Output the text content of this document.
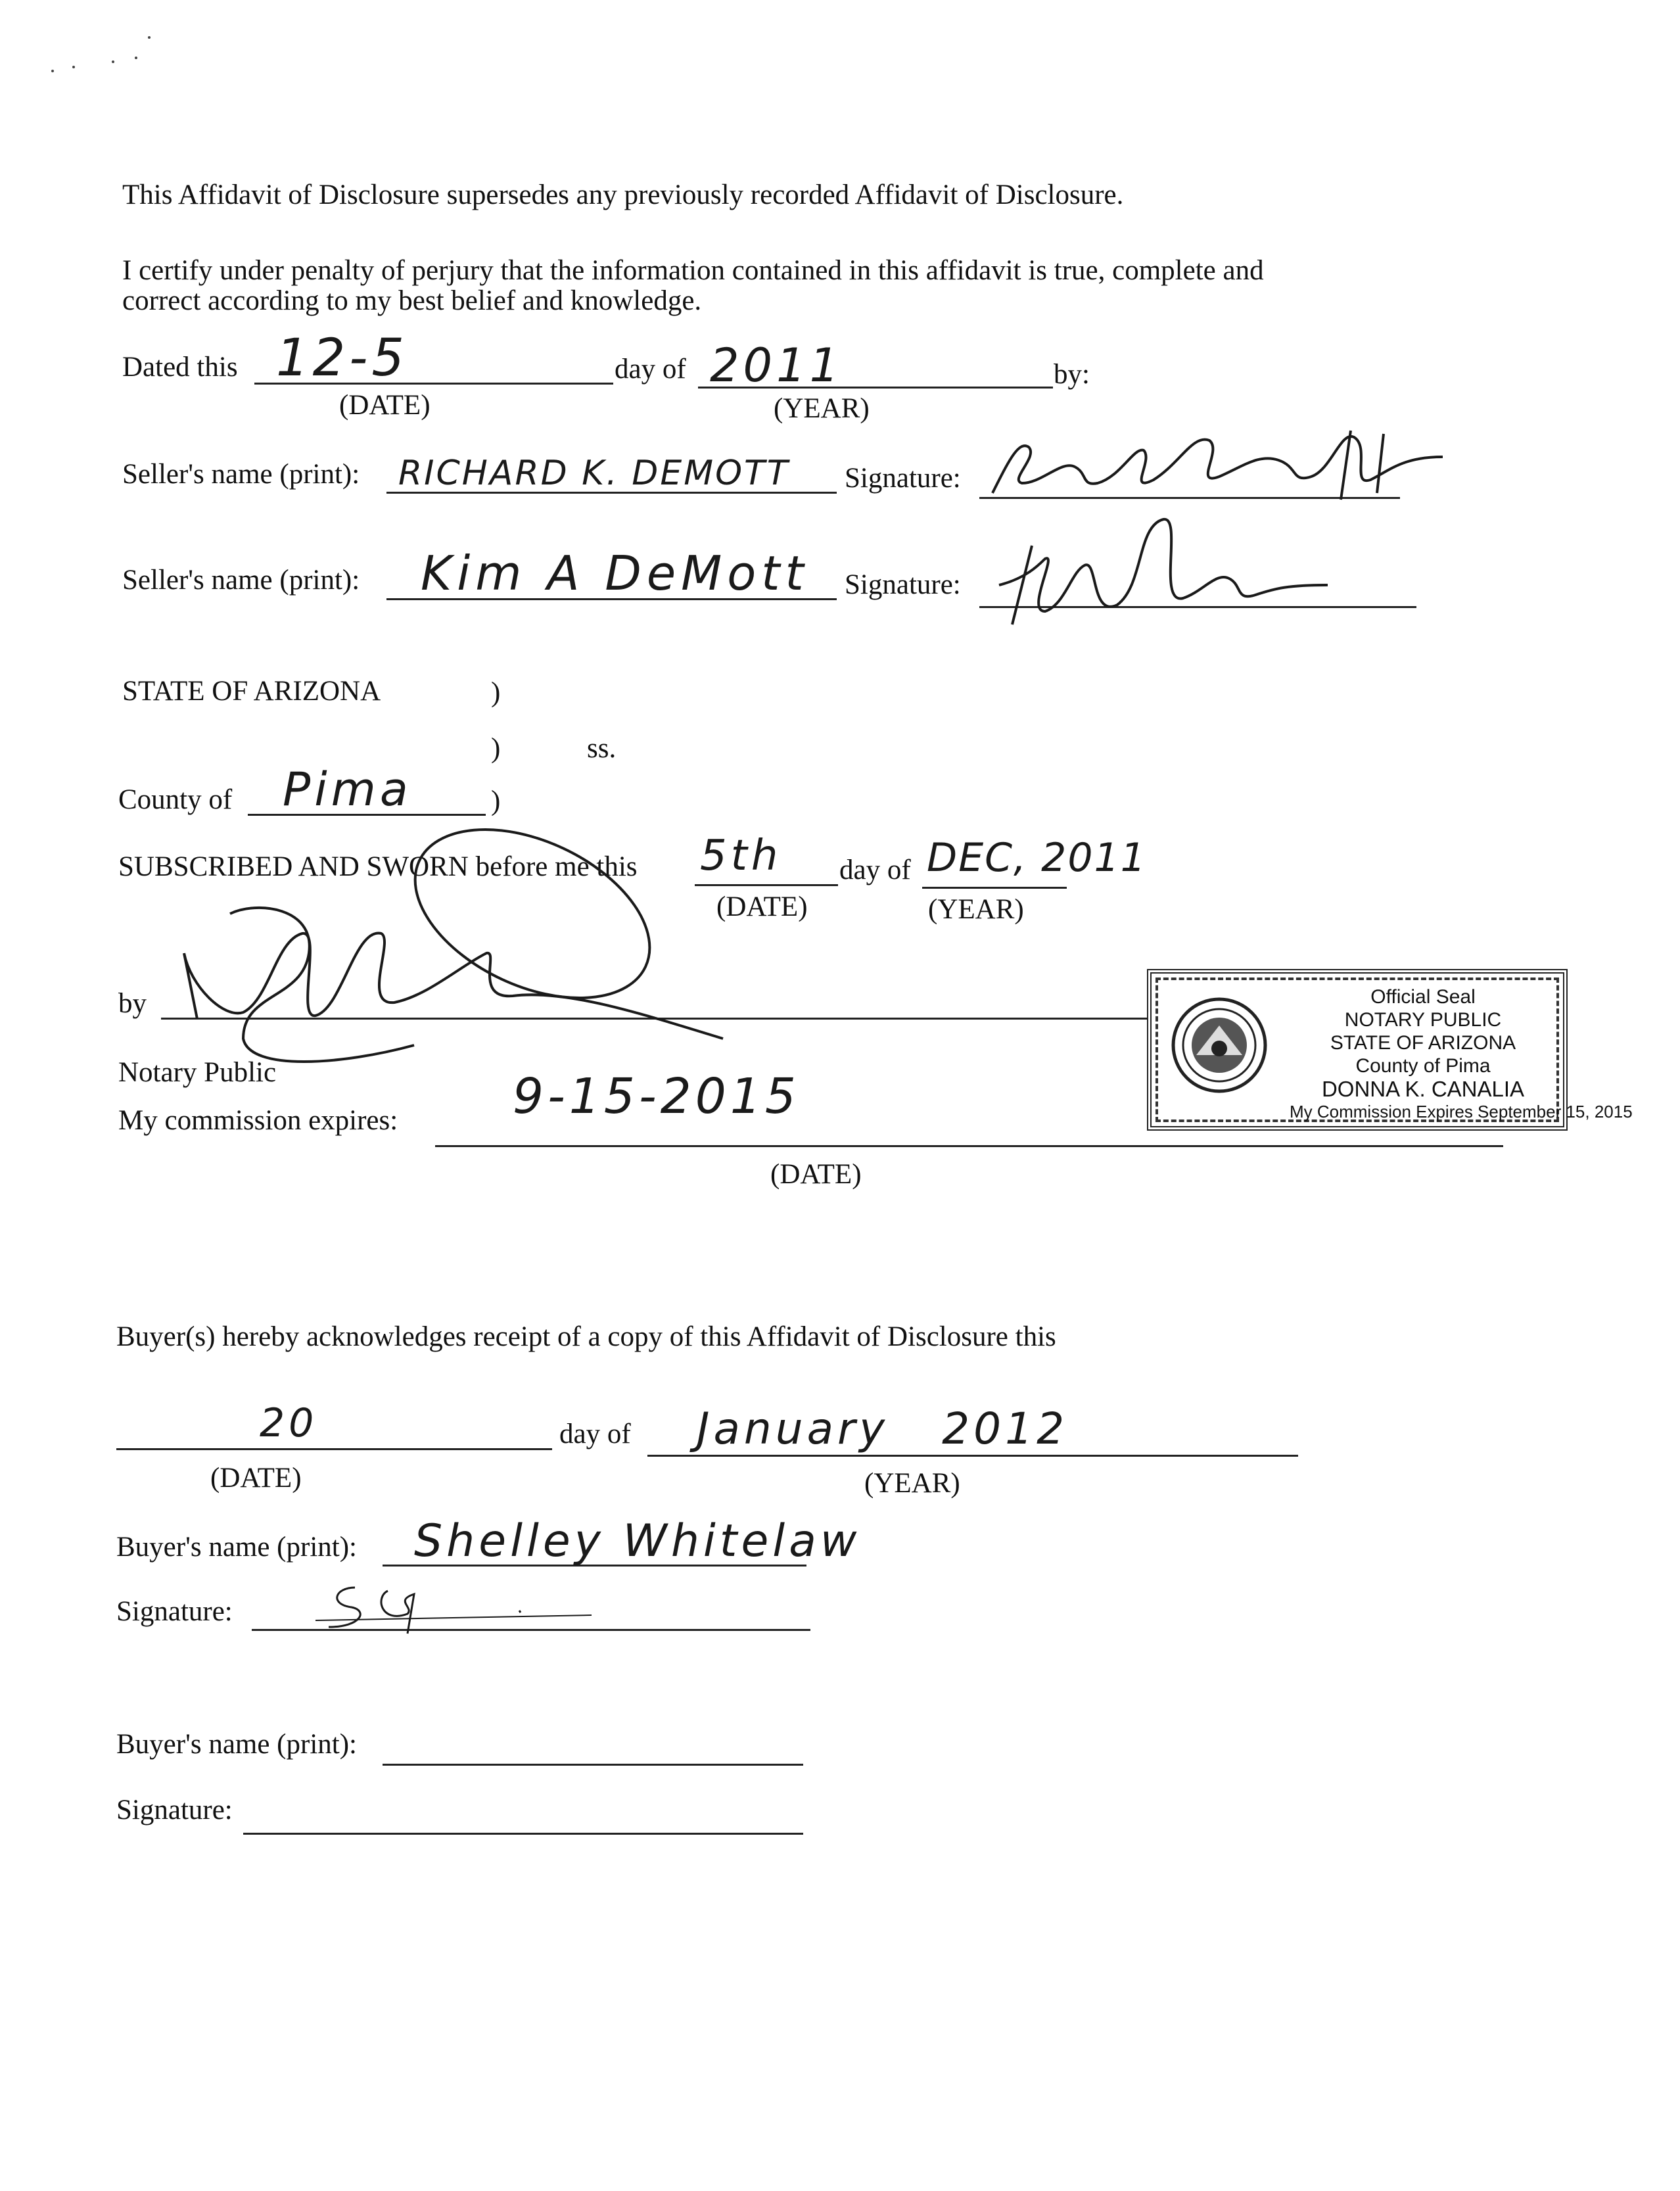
This Affidavit of Disclosure supersedes any previously recorded Affidavit of Disclosure.
I certify under penalty of perjury that the information contained in this affidavit is true, complete and
correct according to my best belief and knowledge.
Dated this 12-5	day of 2011	by:
(DATE)	(YEAR)
Seller's name (print): RICHARD K. DEMOTT Signature:
Seller's name (print): Kim A DeMott Signature:
STATE OF ARIZONA	)
)	ss.
County of Pima	)
SUBSCRIBED AND SWORN before me this 5th day of DEC, 2011
(DATE)	(YEAR)
by	Official Seal
NOTARY PUBLIC
STATE OF ARIZONA
County of Pima
DONNA K. CANALIA
My Commission Expires September 15, 2015
Notary Public
My commission expires: 9-15-2015
(DATE)
Buyer(s) hereby acknowledges receipt of a copy of this Affidavit of Disclosure this
20	day of January   2012
(DATE)	(YEAR)
Buyer's name (print): Shelley Whitelaw
Signature:
Buyer's name (print):
Signature:
